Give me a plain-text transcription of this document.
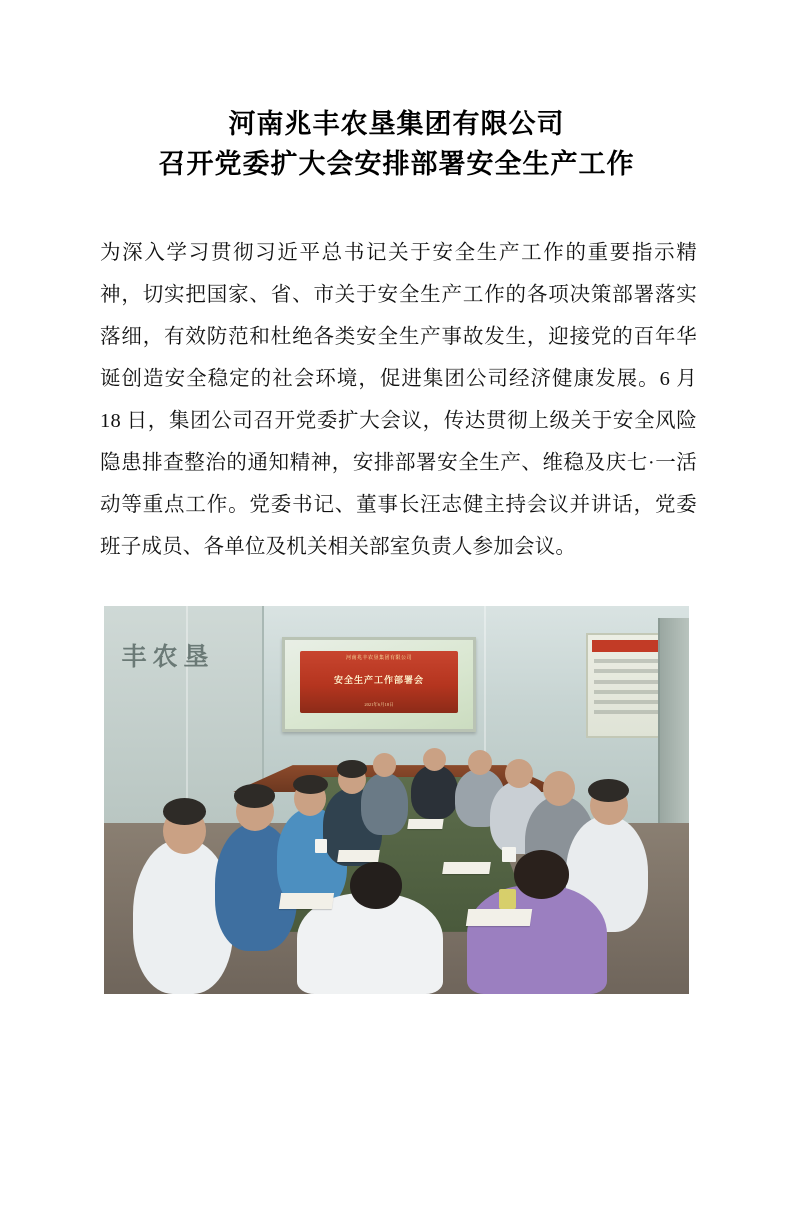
河南兆丰农垦集团有限公司
召开党委扩大会安排部署安全生产工作

为深入学习贯彻习近平总书记关于安全生产工作的重要指示精神，切实把国家、省、市关于安全生产工作的各项决策部署落实落细，有效防范和杜绝各类安全生产事故发生，迎接党的百年华诞创造安全稳定的社会环境，促进集团公司经济健康发展。6 月 18 日，集团公司召开党委扩大会议，传达贯彻上级关于安全风险隐患排查整治的通知精神，安排部署安全生产、维稳及庆七·一活动等重点工作。党委书记、董事长汪志健主持会议并讲话，党委班子成员、各单位及机关相关部室负责人参加会议。

丰农垦	河南兆丰农垦集团有限公司
安全生产工作部署会
2021年6月18日
